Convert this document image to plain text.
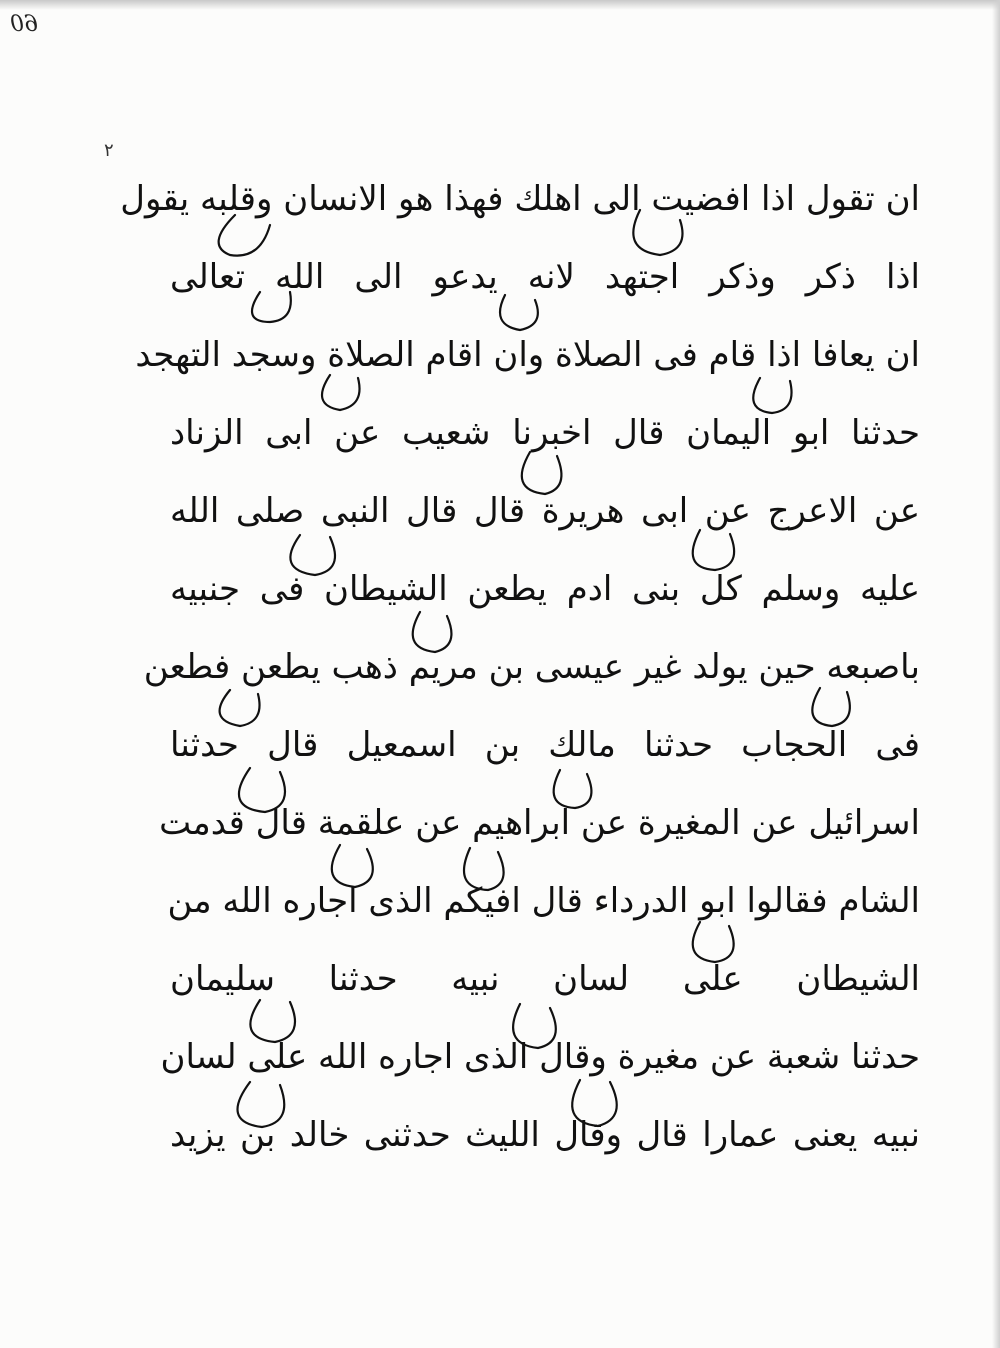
60
٢
ان تقول اذا افضيت الى اهلك فهذا هو الانسان وقلبه يقول
اذا ذكر وذكر اجتهد لانه يدعو الى الله تعالى
ان يعافا اذا قام فى الصلاة وان اقام الصلاة وسجد التهجد
حدثنا ابو اليمان قال اخبرنا شعيب عن ابى الزناد
عن الاعرج عن ابى هريرة قال قال النبى صلى الله
عليه وسلم كل بنى ادم يطعن الشيطان فى جنبيه
باصبعه حين يولد غير عيسى بن مريم ذهب يطعن فطعن
فى الحجاب حدثنا مالك بن اسمعيل قال حدثنا
اسرائيل عن المغيرة عن ابراهيم عن علقمة قال قدمت
الشام فقالوا ابو الدرداء قال افيكم الذى اجاره الله من
الشيطان على لسان نبيه حدثنا سليمان
حدثنا شعبة عن مغيرة وقال الذى اجاره الله على لسان
نبيه يعنى عمارا قال وقال الليث حدثنى خالد بن يزيد
